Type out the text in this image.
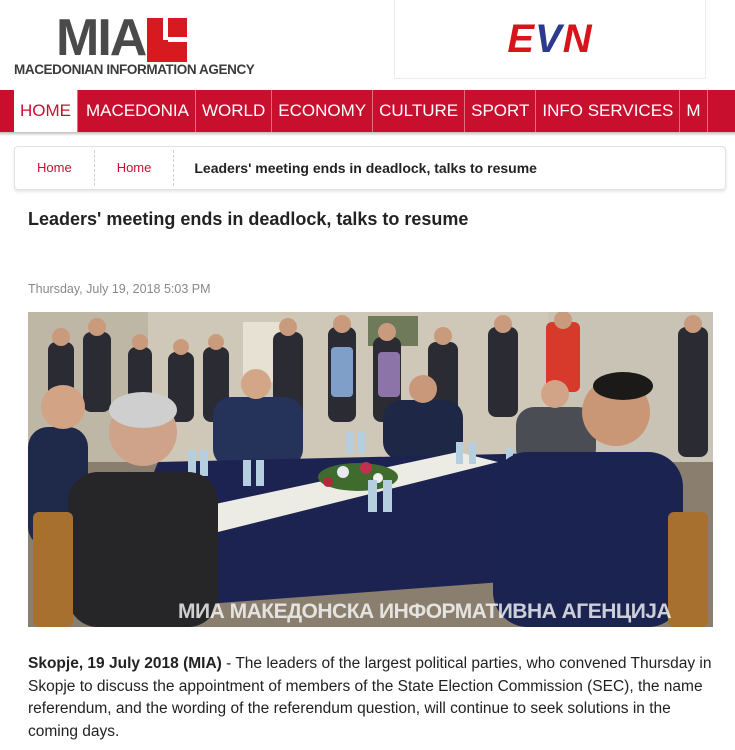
MIA
MACEDONIAN INFORMATION AGENCY
EVN
HOME MACEDONIA WORLD ECONOMY CULTURE SPORT INFO SERVICES M
Home	Home	Leaders' meeting ends in deadlock, talks to resume
Leaders' meeting ends in deadlock, talks to resume
Thursday, July 19, 2018 5:03 PM
МИА МАКЕДОНСКА ИНФОРМАТИВНА АГЕНЦИЈА

Skopje, 19 July 2018 (MIA) - The leaders of the largest political parties, who convened Thursday in Skopje to discuss the appointment of members of the State Election Commission (SEC), the name referendum, and the wording of the referendum question, will continue to seek solutions in the coming days.
